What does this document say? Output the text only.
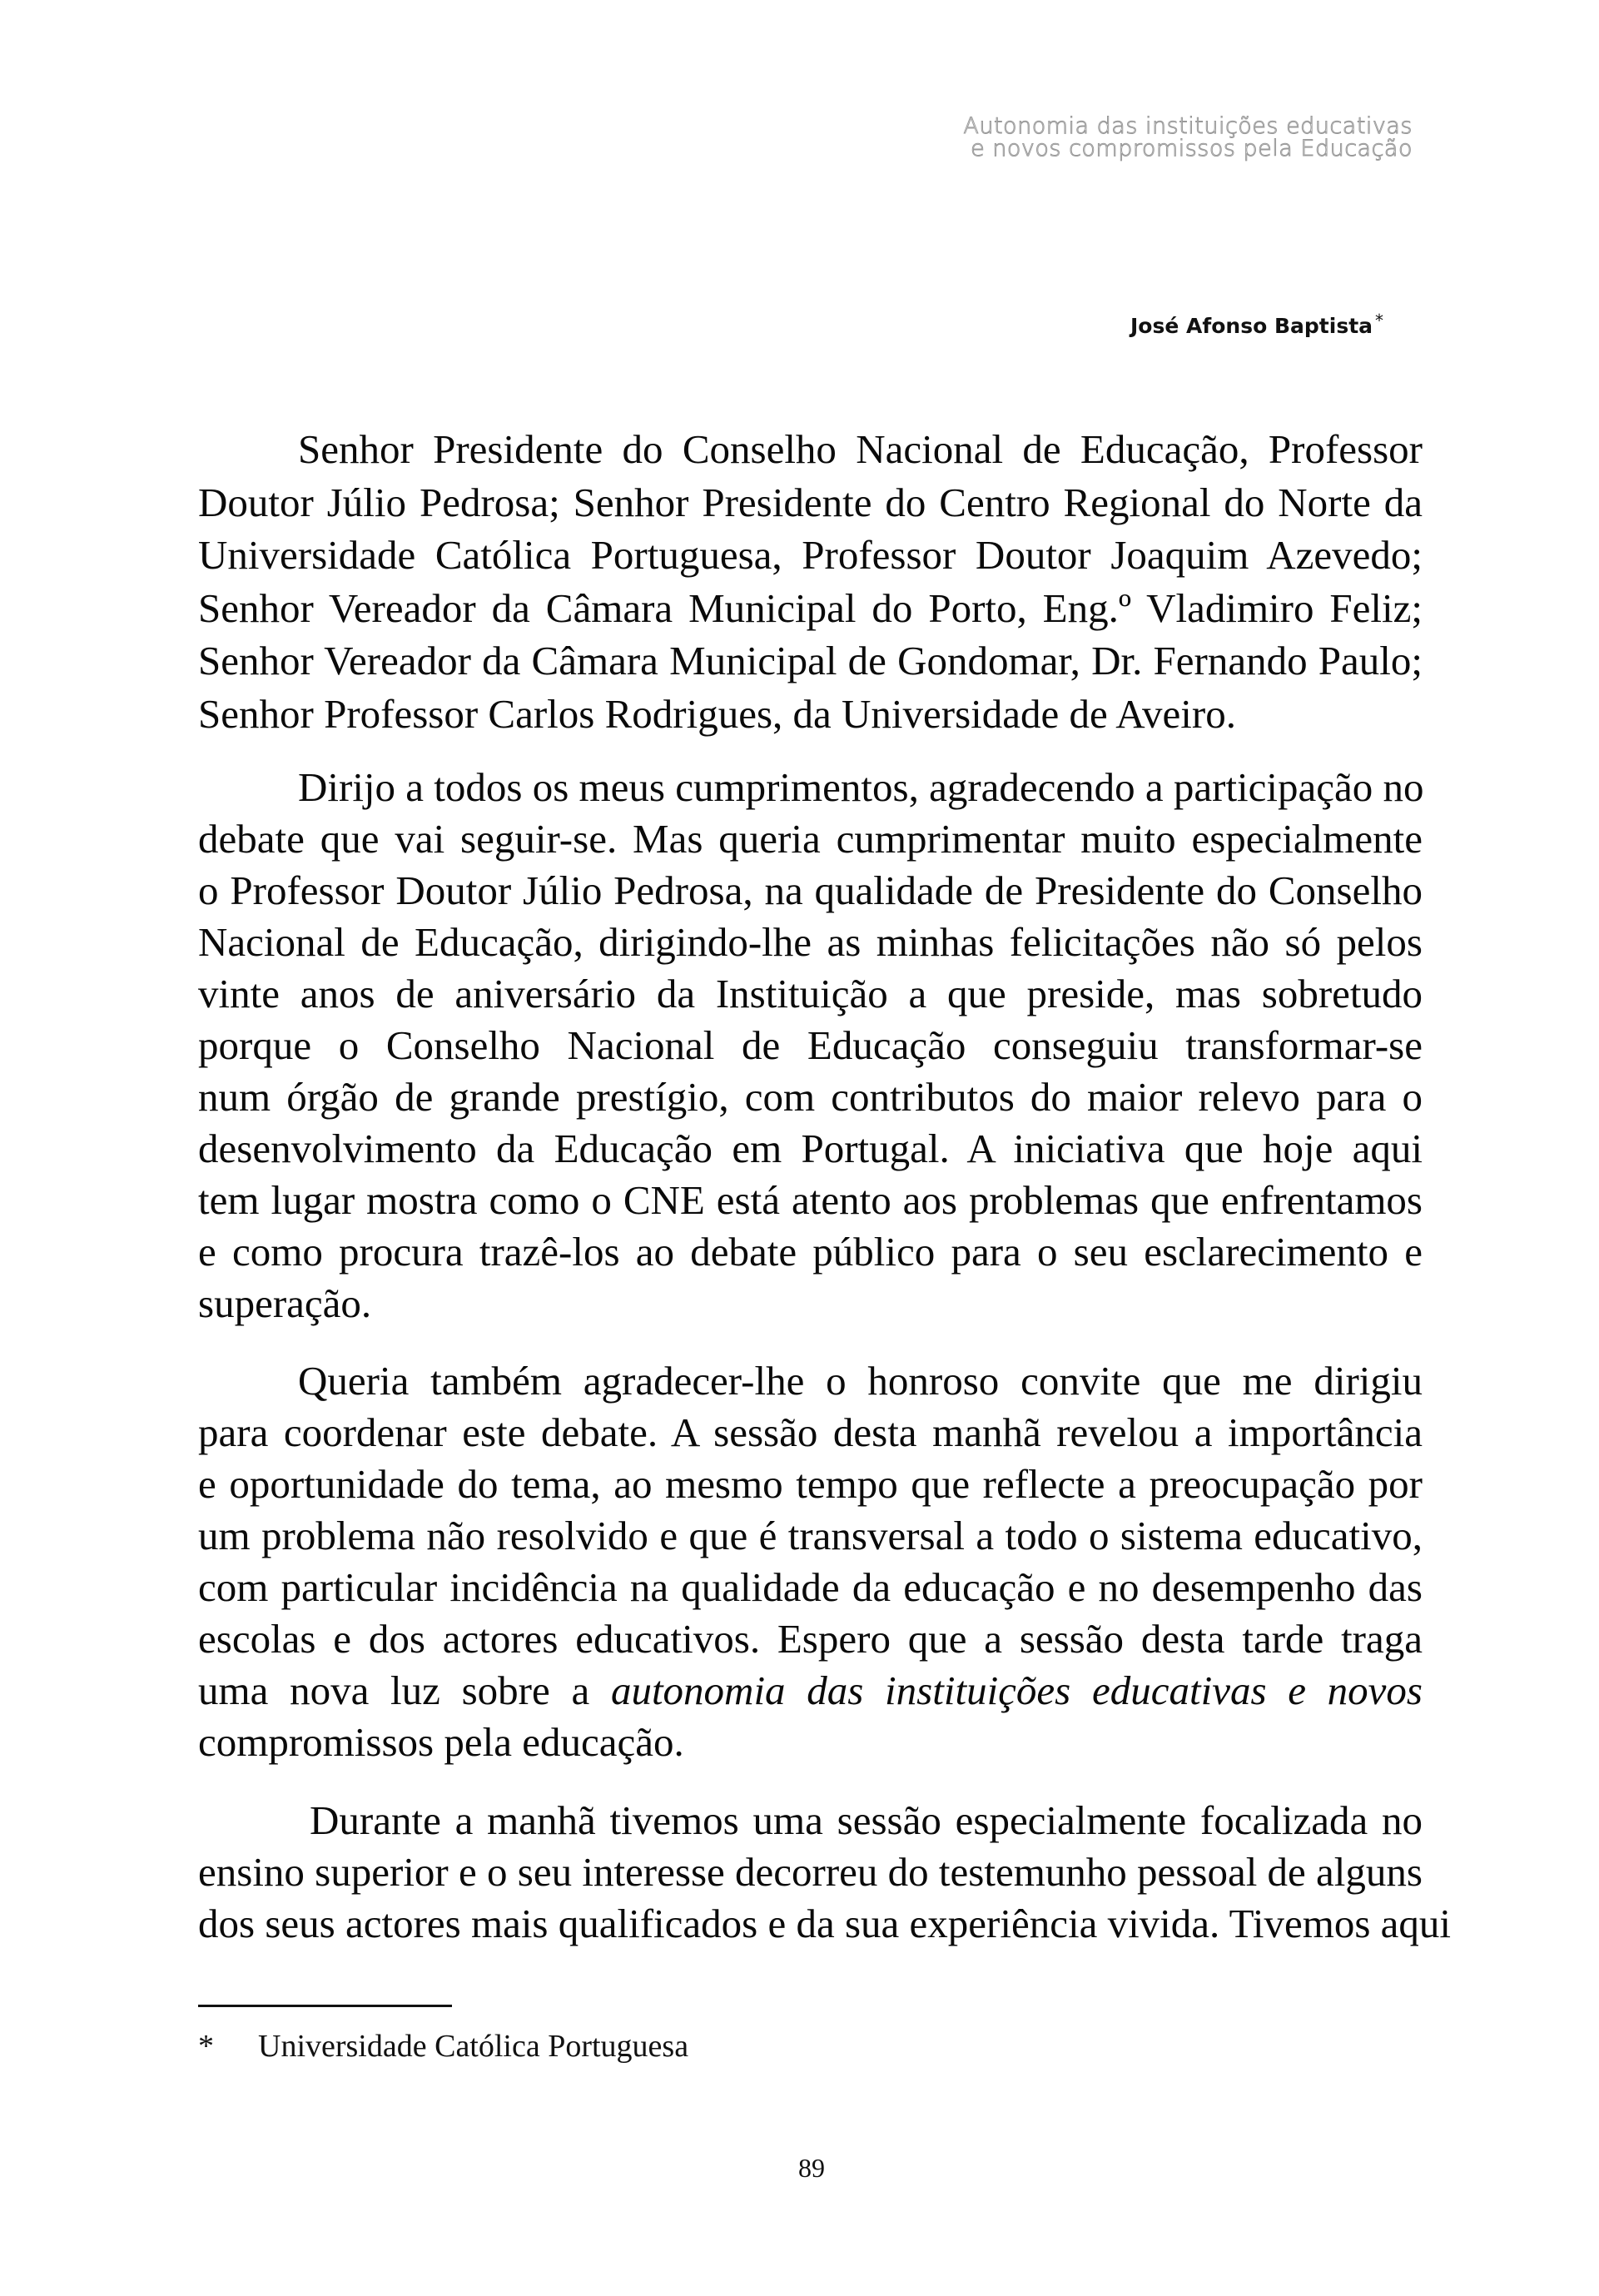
Autonomia das instituições educativas
e novos compromissos pela Educação
José Afonso Baptista *
Senhor Presidente do Conselho Nacional de Educação, Professor
Doutor Júlio Pedrosa; Senhor Presidente do Centro Regional do Norte da
Universidade Católica Portuguesa, Professor Doutor Joaquim Azevedo;
Senhor Vereador da Câmara Municipal do Porto, Eng.º Vladimiro Feliz;
Senhor Vereador da Câmara Municipal de Gondomar, Dr. Fernando Paulo;
Senhor Professor Carlos Rodrigues, da Universidade de Aveiro.
Dirijo a todos os meus cumprimentos, agradecendo a participação no
debate que vai seguir-se. Mas queria cumprimentar muito especialmente
o Professor Doutor Júlio Pedrosa, na qualidade de Presidente do Conselho
Nacional de Educação, dirigindo-lhe as minhas felicitações não só pelos
vinte anos de aniversário da Instituição a que preside, mas sobretudo
porque o Conselho Nacional de Educação conseguiu transformar-se
num órgão de grande prestígio, com contributos do maior relevo para o
desenvolvimento da Educação em Portugal. A iniciativa que hoje aqui
tem lugar mostra como o CNE está atento aos problemas que enfrentamos
e como procura trazê-los ao debate público para o seu esclarecimento e
superação.
Queria também agradecer-lhe o honroso convite que me dirigiu
para coordenar este debate. A sessão desta manhã revelou a importância
e oportunidade do tema, ao mesmo tempo que reflecte a preocupação por
um problema não resolvido e que é transversal a todo o sistema educativo,
com particular incidência na qualidade da educação e no desempenho das
escolas e dos actores educativos. Espero que a sessão desta tarde traga
uma nova luz sobre a autonomia das instituições educativas e novos
compromissos pela educação.
Durante a manhã tivemos uma sessão especialmente focalizada no
ensino superior e o seu interesse decorreu do testemunho pessoal de alguns
dos seus actores mais qualificados e da sua experiência vivida. Tivemos aqui
* Universidade Católica Portuguesa
89
